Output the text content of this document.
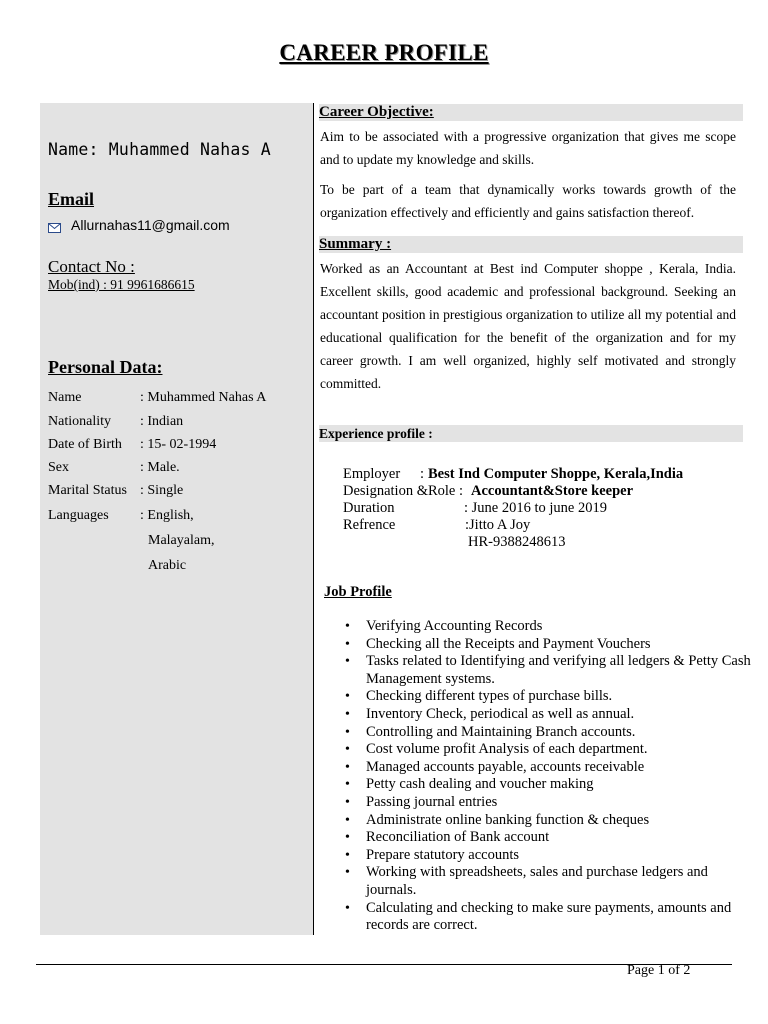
CAREER PROFILE
Name: Muhammed Nahas A
Email
Allurnahas11@gmail.com
Contact No :
Mob(ind) : 91 9961686615
Personal Data:
Name	: Muhammed Nahas A
Nationality : Indian
Date of Birth : 15- 02-1994
Sex	: Male.
Marital Status : Single
Languages : English,
Malayalam,
Arabic
Career Objective:
Aim to be associated with a progressive organization that gives me scope and to update my knowledge and skills.
To be part of a team that dynamically works towards growth of the organization effectively and efficiently and gains satisfaction thereof.
Summary :
Worked as an Accountant at Best ind Computer shoppe , Kerala, India. Excellent skills, good academic and professional background. Seeking an accountant position in prestigious organization to utilize all my potential and educational qualification for the benefit of the organization and for my career growth. I am well organized, highly self motivated and strongly committed.
Experience profile :
Employer : Best Ind Computer Shoppe, Kerala,India
Designation &Role : Accountant&Store keeper
Duration	: June 2016 to june 2019
Refrence	:Jitto A Joy
HR-9388248613
Job Profile
• Verifying Accounting Records
• Checking all the Receipts and Payment Vouchers
• Tasks related to Identifying and verifying all ledgers & Petty Cash Management systems.
• Checking different types of purchase bills.
• Inventory Check, periodical as well as annual.
• Controlling and Maintaining Branch accounts.
• Cost volume profit Analysis of each department.
• Managed accounts payable, accounts receivable
• Petty cash dealing and voucher making
• Passing journal entries
• Administrate online banking function & cheques
• Reconciliation of Bank account
• Prepare statutory accounts
• Working with spreadsheets, sales and purchase ledgers and journals.
• Calculating and checking to make sure payments, amounts and records are correct.
Page 1 of 2
